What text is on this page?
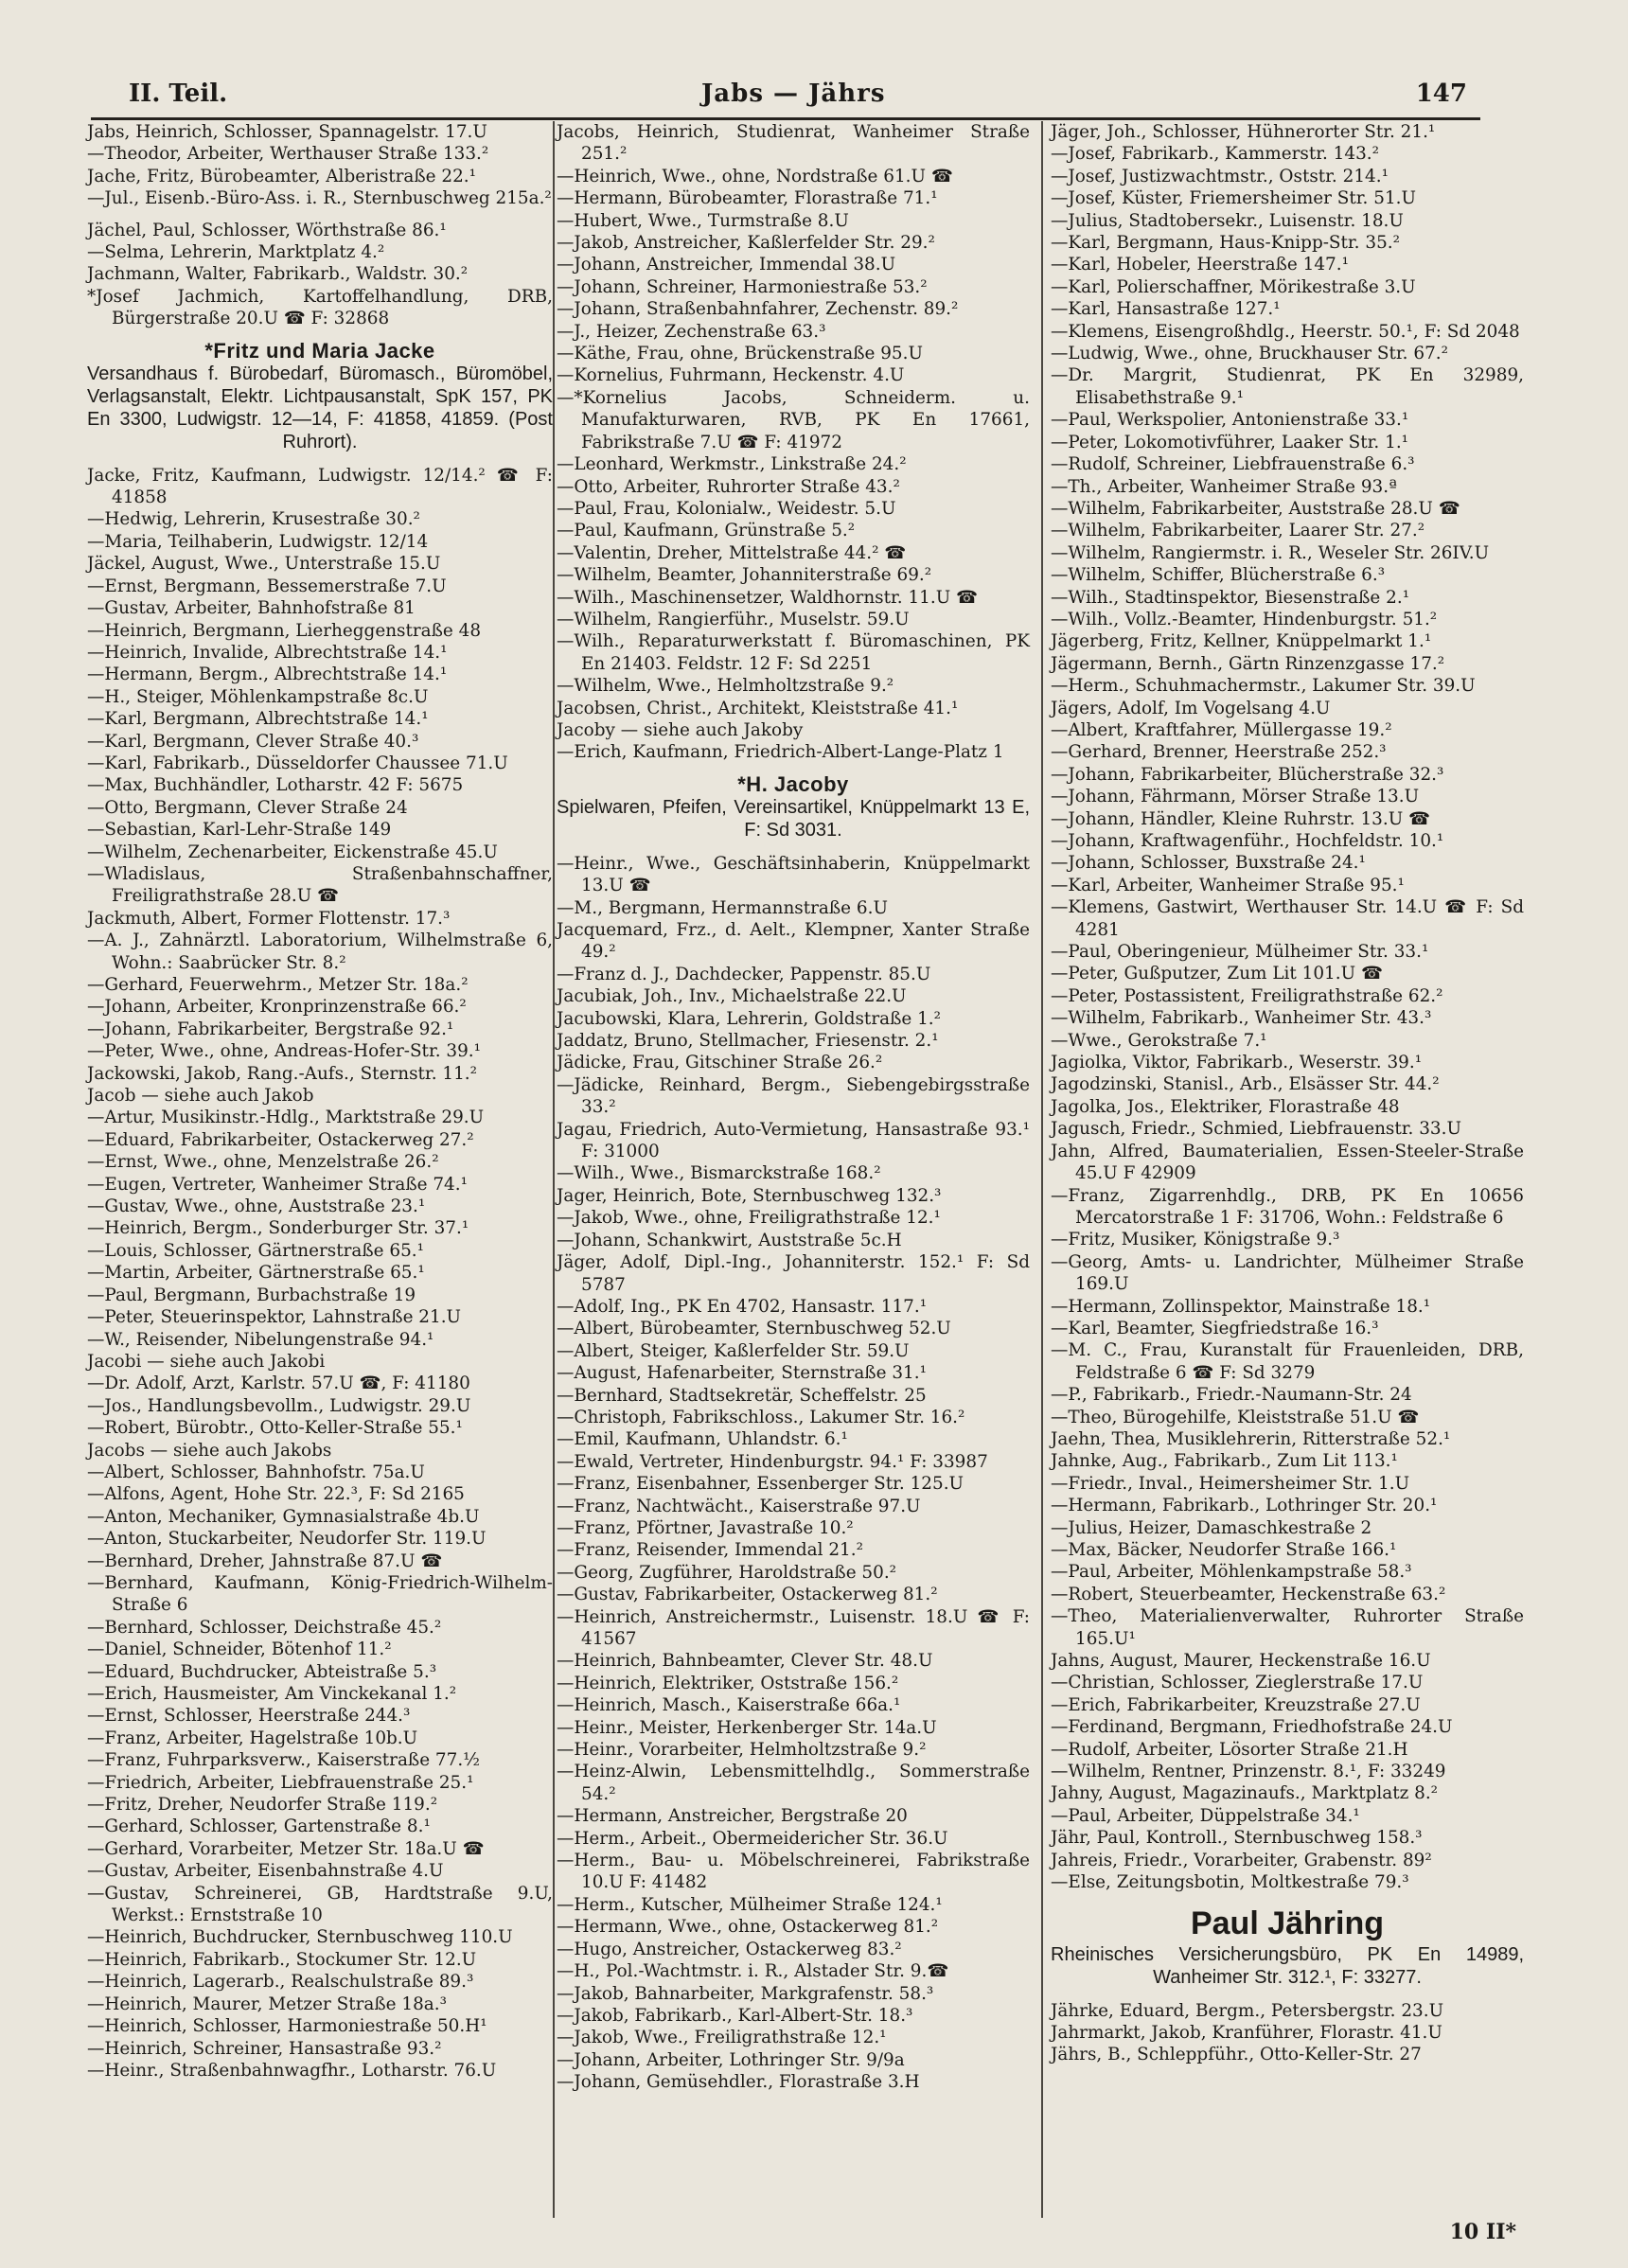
II. Teil.	Jabs — Jährs	147

Jabs, Heinrich, Schlosser, Spannagelstr. 17.U

—Theodor, Arbeiter, Werthauser Straße 133.²

Jache, Fritz, Bürobeamter, Alberistraße 22.¹

—Jul., Eisenb.-Büro-Ass. i. R., Sternbuschweg 215a.²

Jächel, Paul, Schlosser, Wörthstraße 86.¹

—Selma, Lehrerin, Marktplatz 4.²

Jachmann, Walter, Fabrikarb., Waldstr. 30.²

*Josef Jachmich, Kartoffelhandlung, DRB, Bürgerstraße 20.U ☎ F: 32868

*Fritz und Maria Jacke
Versandhaus f. Bürobedarf, Büromasch., Büromöbel, Verlagsanstalt, Elektr. Lichtpausanstalt, SpK 157, PK En 3300, Ludwigstr. 12—14, F: 41858, 41859. (Post Ruhrort).

Jacke, Fritz, Kaufmann, Ludwigstr. 12/14.² ☎ F: 41858

—Hedwig, Lehrerin, Krusestraße 30.²

—Maria, Teilhaberin, Ludwigstr. 12/14

Jäckel, August, Wwe., Unterstraße 15.U

—Ernst, Bergmann, Bessemerstraße 7.U

—Gustav, Arbeiter, Bahnhofstraße 81

—Heinrich, Bergmann, Lierheggenstraße 48

—Heinrich, Invalide, Albrechtstraße 14.¹

—Hermann, Bergm., Albrechtstraße 14.¹

—H., Steiger, Möhlenkampstraße 8c.U

—Karl, Bergmann, Albrechtstraße 14.¹

—Karl, Bergmann, Clever Straße 40.³

—Karl, Fabrikarb., Düsseldorfer Chaussee 71.U

—Max, Buchhändler, Lotharstr. 42 F: 5675

—Otto, Bergmann, Clever Straße 24

—Sebastian, Karl-Lehr-Straße 149

—Wilhelm, Zechenarbeiter, Eickenstraße 45.U

—Wladislaus, Straßenbahnschaffner, Freiligrathstraße 28.U ☎

Jackmuth, Albert, Former Flottenstr. 17.³

—A. J., Zahnärztl. Laboratorium, Wilhelmstraße 6, Wohn.: Saabrücker Str. 8.²

—Gerhard, Feuerwehrm., Metzer Str. 18a.²

—Johann, Arbeiter, Kronprinzenstraße 66.²

—Johann, Fabrikarbeiter, Bergstraße 92.¹

—Peter, Wwe., ohne, Andreas-Hofer-Str. 39.¹

Jackowski, Jakob, Rang.-Aufs., Sternstr. 11.²

Jacob — siehe auch Jakob

—Artur, Musikinstr.-Hdlg., Marktstraße 29.U

—Eduard, Fabrikarbeiter, Ostackerweg 27.²

—Ernst, Wwe., ohne, Menzelstraße 26.²

—Eugen, Vertreter, Wanheimer Straße 74.¹

—Gustav, Wwe., ohne, Auststraße 23.¹

—Heinrich, Bergm., Sonderburger Str. 37.¹

—Louis, Schlosser, Gärtnerstraße 65.¹

—Martin, Arbeiter, Gärtnerstraße 65.¹

—Paul, Bergmann, Burbachstraße 19

—Peter, Steuerinspektor, Lahnstraße 21.U

—W., Reisender, Nibelungenstraße 94.¹

Jacobi — siehe auch Jakobi

—Dr. Adolf, Arzt, Karlstr. 57.U ☎, F: 41180

—Jos., Handlungsbevollm., Ludwigstr. 29.U

—Robert, Bürobtr., Otto-Keller-Straße 55.¹

Jacobs — siehe auch Jakobs

—Albert, Schlosser, Bahnhofstr. 75a.U

—Alfons, Agent, Hohe Str. 22.³, F: Sd 2165

—Anton, Mechaniker, Gymnasialstraße 4b.U

—Anton, Stuckarbeiter, Neudorfer Str. 119.U

—Bernhard, Dreher, Jahnstraße 87.U ☎

—Bernhard, Kaufmann, König-Friedrich-Wilhelm-Straße 6

—Bernhard, Schlosser, Deichstraße 45.²

—Daniel, Schneider, Bötenhof 11.²

—Eduard, Buchdrucker, Abteistraße 5.³

—Erich, Hausmeister, Am Vinckekanal 1.²

—Ernst, Schlosser, Heerstraße 244.³

—Franz, Arbeiter, Hagelstraße 10b.U

—Franz, Fuhrparksverw., Kaiserstraße 77.½

—Friedrich, Arbeiter, Liebfrauenstraße 25.¹

—Fritz, Dreher, Neudorfer Straße 119.²

—Gerhard, Schlosser, Gartenstraße 8.¹

—Gerhard, Vorarbeiter, Metzer Str. 18a.U ☎

—Gustav, Arbeiter, Eisenbahnstraße 4.U

—Gustav, Schreinerei, GB, Hardtstraße 9.U, Werkst.: Ernststraße 10

—Heinrich, Buchdrucker, Sternbuschweg 110.U

—Heinrich, Fabrikarb., Stockumer Str. 12.U

—Heinrich, Lagerarb., Realschulstraße 89.³

—Heinrich, Maurer, Metzer Straße 18a.³

—Heinrich, Schlosser, Harmoniestraße 50.H¹

—Heinrich, Schreiner, Hansastraße 93.²

—Heinr., Straßenbahnwagfhr., Lotharstr. 76.U

Jacobs, Heinrich, Studienrat, Wanheimer Straße 251.²

—Heinrich, Wwe., ohne, Nordstraße 61.U ☎

—Hermann, Bürobeamter, Florastraße 71.¹

—Hubert, Wwe., Turmstraße 8.U

—Jakob, Anstreicher, Kaßlerfelder Str. 29.²

—Johann, Anstreicher, Immendal 38.U

—Johann, Schreiner, Harmoniestraße 53.²

—Johann, Straßenbahnfahrer, Zechenstr. 89.²

—J., Heizer, Zechenstraße 63.³

—Käthe, Frau, ohne, Brückenstraße 95.U

—Kornelius, Fuhrmann, Heckenstr. 4.U

—*Kornelius Jacobs, Schneiderm. u. Manufakturwaren, RVB, PK En 17661, Fabrikstraße 7.U ☎ F: 41972

—Leonhard, Werkmstr., Linkstraße 24.²

—Otto, Arbeiter, Ruhrorter Straße 43.²

—Paul, Frau, Kolonialw., Weidestr. 5.U

—Paul, Kaufmann, Grünstraße 5.²

—Valentin, Dreher, Mittelstraße 44.² ☎

—Wilhelm, Beamter, Johanniterstraße 69.²

—Wilh., Maschinensetzer, Waldhornstr. 11.U ☎

—Wilhelm, Rangierführ., Muselstr. 59.U

—Wilh., Reparaturwerkstatt f. Büromaschinen, PK En 21403. Feldstr. 12 F: Sd 2251

—Wilhelm, Wwe., Helmholtzstraße 9.²

Jacobsen, Christ., Architekt, Kleiststraße 41.¹

Jacoby — siehe auch Jakoby

—Erich, Kaufmann, Friedrich-Albert-Lange-Platz 1

*H. Jacoby
Spielwaren, Pfeifen, Vereinsartikel, Knüppelmarkt 13 E, F: Sd 3031.

—Heinr., Wwe., Geschäftsinhaberin, Knüppelmarkt 13.U ☎

—M., Bergmann, Hermannstraße 6.U

Jacquemard, Frz., d. Aelt., Klempner, Xanter Straße 49.²

—Franz d. J., Dachdecker, Pappenstr. 85.U

Jacubiak, Joh., Inv., Michaelstraße 22.U

Jacubowski, Klara, Lehrerin, Goldstraße 1.²

Jaddatz, Bruno, Stellmacher, Friesenstr. 2.¹

Jädicke, Frau, Gitschiner Straße 26.²

—Jädicke, Reinhard, Bergm., Siebengebirgsstraße 33.²

Jagau, Friedrich, Auto-Vermietung, Hansastraße 93.¹ F: 31000

—Wilh., Wwe., Bismarckstraße 168.²

Jager, Heinrich, Bote, Sternbuschweg 132.³

—Jakob, Wwe., ohne, Freiligrathstraße 12.¹

—Johann, Schankwirt, Auststraße 5c.H

Jäger, Adolf, Dipl.-Ing., Johanniterstr. 152.¹ F: Sd 5787

—Adolf, Ing., PK En 4702, Hansastr. 117.¹

—Albert, Bürobeamter, Sternbuschweg 52.U

—Albert, Steiger, Kaßlerfelder Str. 59.U

—August, Hafenarbeiter, Sternstraße 31.¹

—Bernhard, Stadtsekretär, Scheffelstr. 25

—Christoph, Fabrikschloss., Lakumer Str. 16.²

—Emil, Kaufmann, Uhlandstr. 6.¹

—Ewald, Vertreter, Hindenburgstr. 94.¹ F: 33987

—Franz, Eisenbahner, Essenberger Str. 125.U

—Franz, Nachtwächt., Kaiserstraße 97.U

—Franz, Pförtner, Javastraße 10.²

—Franz, Reisender, Immendal 21.²

—Georg, Zugführer, Haroldstraße 50.²

—Gustav, Fabrikarbeiter, Ostackerweg 81.²

—Heinrich, Anstreichermstr., Luisenstr. 18.U ☎ F: 41567

—Heinrich, Bahnbeamter, Clever Str. 48.U

—Heinrich, Elektriker, Oststraße 156.²

—Heinrich, Masch., Kaiserstraße 66a.¹

—Heinr., Meister, Herkenberger Str. 14a.U

—Heinr., Vorarbeiter, Helmholtzstraße 9.²

—Heinz-Alwin, Lebensmittelhdlg., Sommerstraße 54.²

—Hermann, Anstreicher, Bergstraße 20

—Herm., Arbeit., Obermeidericher Str. 36.U

—Herm., Bau- u. Möbelschreinerei, Fabrikstraße 10.U F: 41482

—Herm., Kutscher, Mülheimer Straße 124.¹

—Hermann, Wwe., ohne, Ostackerweg 81.²

—Hugo, Anstreicher, Ostackerweg 83.²

—H., Pol.-Wachtmstr. i. R., Alstader Str. 9.☎

—Jakob, Bahnarbeiter, Markgrafenstr. 58.³

—Jakob, Fabrikarb., Karl-Albert-Str. 18.³

—Jakob, Wwe., Freiligrathstraße 12.¹

—Johann, Arbeiter, Lothringer Str. 9/9a

—Johann, Gemüsehdler., Florastraße 3.H

Jäger, Joh., Schlosser, Hühnerorter Str. 21.¹

—Josef, Fabrikarb., Kammerstr. 143.²

—Josef, Justizwachtmstr., Oststr. 214.¹

—Josef, Küster, Friemersheimer Str. 51.U

—Julius, Stadtobersekr., Luisenstr. 18.U

—Karl, Bergmann, Haus-Knipp-Str. 35.²

—Karl, Hobeler, Heerstraße 147.¹

—Karl, Polierschaffner, Mörikestraße 3.U

—Karl, Hansastraße 127.¹

—Klemens, Eisengroßhdlg., Heerstr. 50.¹, F: Sd 2048

—Ludwig, Wwe., ohne, Bruckhauser Str. 67.²

—Dr. Margrit, Studienrat, PK En 32989, Elisabethstraße 9.¹

—Paul, Werkspolier, Antonienstraße 33.¹

—Peter, Lokomotivführer, Laaker Str. 1.¹

—Rudolf, Schreiner, Liebfrauenstraße 6.³

—Th., Arbeiter, Wanheimer Straße 93.ª

—Wilhelm, Fabrikarbeiter, Auststraße 28.U ☎

—Wilhelm, Fabrikarbeiter, Laarer Str. 27.²

—Wilhelm, Rangiermstr. i. R., Weseler Str. 26IV.U

—Wilhelm, Schiffer, Blücherstraße 6.³

—Wilh., Stadtinspektor, Biesenstraße 2.¹

—Wilh., Vollz.-Beamter, Hindenburgstr. 51.²

Jägerberg, Fritz, Kellner, Knüppelmarkt 1.¹

Jägermann, Bernh., Gärtn Rinzenzgasse 17.²

—Herm., Schuhmachermstr., Lakumer Str. 39.U

Jägers, Adolf, Im Vogelsang 4.U

—Albert, Kraftfahrer, Müllergasse 19.²

—Gerhard, Brenner, Heerstraße 252.³

—Johann, Fabrikarbeiter, Blücherstraße 32.³

—Johann, Fährmann, Mörser Straße 13.U

—Johann, Händler, Kleine Ruhrstr. 13.U ☎

—Johann, Kraftwagenführ., Hochfeldstr. 10.¹

—Johann, Schlosser, Buxstraße 24.¹

—Karl, Arbeiter, Wanheimer Straße 95.¹

—Klemens, Gastwirt, Werthauser Str. 14.U ☎ F: Sd 4281

—Paul, Oberingenieur, Mülheimer Str. 33.¹

—Peter, Gußputzer, Zum Lit 101.U ☎

—Peter, Postassistent, Freiligrathstraße 62.²

—Wilhelm, Fabrikarb., Wanheimer Str. 43.³

—Wwe., Gerokstraße 7.¹

Jagiolka, Viktor, Fabrikarb., Weserstr. 39.¹

Jagodzinski, Stanisl., Arb., Elsässer Str. 44.²

Jagolka, Jos., Elektriker, Florastraße 48

Jagusch, Friedr., Schmied, Liebfrauenstr. 33.U

Jahn, Alfred, Baumaterialien, Essen-Steeler-Straße 45.U F 42909

—Franz, Zigarrenhdlg., DRB, PK En 10656 Mercatorstraße 1 F: 31706, Wohn.: Feldstraße 6

—Fritz, Musiker, Königstraße 9.³

—Georg, Amts- u. Landrichter, Mülheimer Straße 169.U

—Hermann, Zollinspektor, Mainstraße 18.¹

—Karl, Beamter, Siegfriedstraße 16.³

—M. C., Frau, Kuranstalt für Frauenleiden, DRB, Feldstraße 6 ☎ F: Sd 3279

—P., Fabrikarb., Friedr.-Naumann-Str. 24

—Theo, Bürogehilfe, Kleiststraße 51.U ☎

Jaehn, Thea, Musiklehrerin, Ritterstraße 52.¹

Jahnke, Aug., Fabrikarb., Zum Lit 113.¹

—Friedr., Inval., Heimersheimer Str. 1.U

—Hermann, Fabrikarb., Lothringer Str. 20.¹

—Julius, Heizer, Damaschkestraße 2

—Max, Bäcker, Neudorfer Straße 166.¹

—Paul, Arbeiter, Möhlenkampstraße 58.³

—Robert, Steuerbeamter, Heckenstraße 63.²

—Theo, Materialienverwalter, Ruhrorter Straße 165.U¹

Jahns, August, Maurer, Heckenstraße 16.U

—Christian, Schlosser, Zieglerstraße 17.U

—Erich, Fabrikarbeiter, Kreuzstraße 27.U

—Ferdinand, Bergmann, Friedhofstraße 24.U

—Rudolf, Arbeiter, Lösorter Straße 21.H

—Wilhelm, Rentner, Prinzenstr. 8.¹, F: 33249

Jahny, August, Magazinaufs., Marktplatz 8.²

—Paul, Arbeiter, Düppelstraße 34.¹

Jähr, Paul, Kontroll., Sternbuschweg 158.³

Jahreis, Friedr., Vorarbeiter, Grabenstr. 89²

—Else, Zeitungsbotin, Moltkestraße 79.³

Paul Jähring
Rheinisches Versicherungsbüro, PK En 14989, Wanheimer Str. 312.¹, F: 33277.

Jährke, Eduard, Bergm., Petersbergstr. 23.U

Jahrmarkt, Jakob, Kranführer, Florastr. 41.U

Jährs, B., Schleppführ., Otto-Keller-Str. 27

10 II*
